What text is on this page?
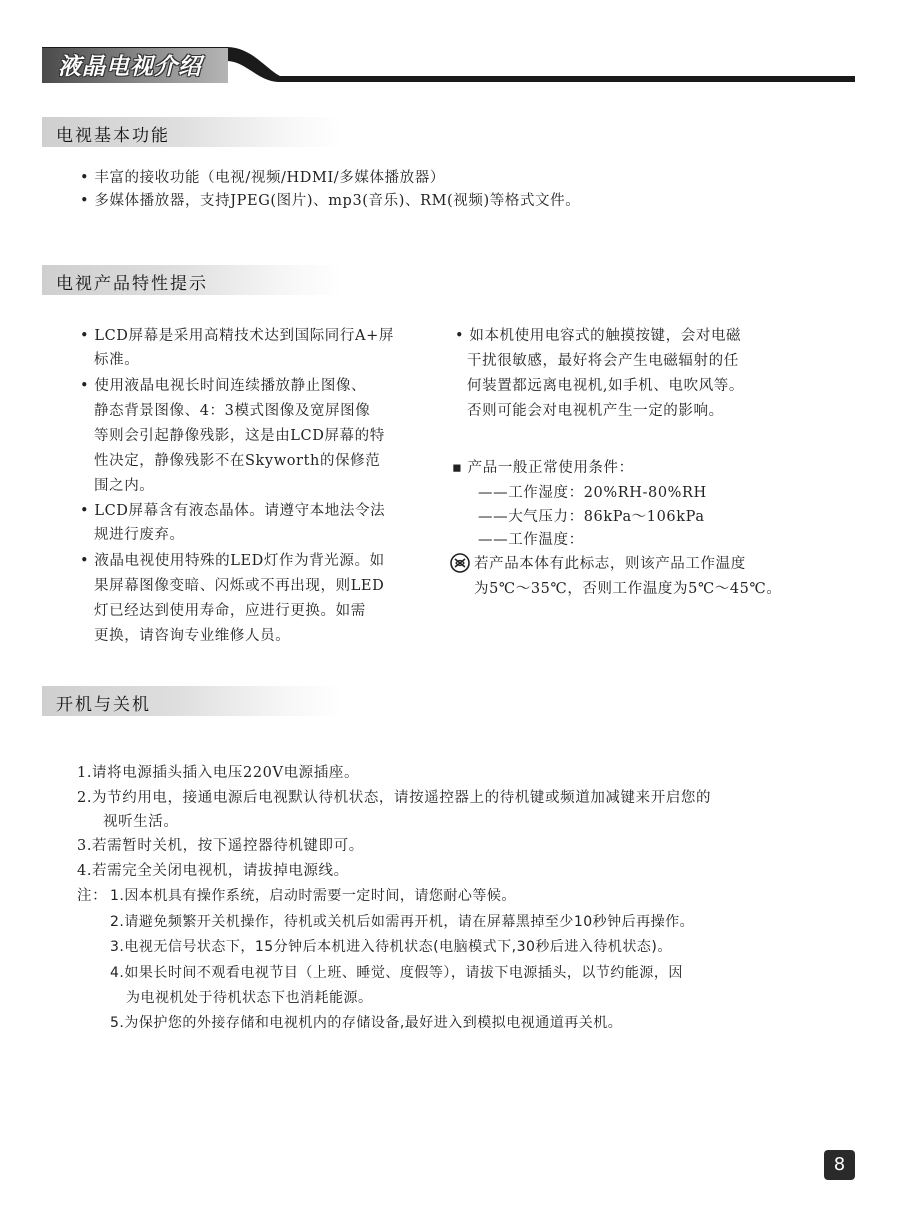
液晶电视介绍
电视基本功能
• 丰富的接收功能（电视/视频/HDMI/多媒体播放器）
• 多媒体播放器，支持JPEG(图片)、mp3(音乐)、RM(视频)等格式文件。
电视产品特性提示
• LCD屏幕是采用高精技术达到国际同行A+屏
标准。
• 使用液晶电视长时间连续播放静止图像、
静态背景图像、4：3模式图像及宽屏图像
等则会引起静像残影，这是由LCD屏幕的特
性决定，静像残影不在Skyworth的保修范
围之内。
• LCD屏幕含有液态晶体。请遵守本地法令法
规进行废弃。
• 液晶电视使用特殊的LED灯作为背光源。如
果屏幕图像变暗、闪烁或不再出现，则LED
灯已经达到使用寿命，应进行更换。如需
更换，请咨询专业维修人员。
• 如本机使用电容式的触摸按键，会对电磁
干扰很敏感，最好将会产生电磁辐射的任
何装置都远离电视机,如手机、电吹风等。
否则可能会对电视机产生一定的影响。
▪ 产品一般正常使用条件：
——工作湿度：20%RH-80%RH
——大气压力：86kPa～106kPa
——工作温度：
若产品本体有此标志，则该产品工作温度
为5℃～35℃，否则工作温度为5℃～45℃。
开机与关机
1.请将电源插头插入电压220V电源插座。
2.为节约用电，接通电源后电视默认待机状态，请按遥控器上的待机键或频道加减键来开启您的
视听生活。
3.若需暂时关机，按下遥控器待机键即可。
4.若需完全关闭电视机，请拔掉电源线。
注： 1.因本机具有操作系统，启动时需要一定时间，请您耐心等候。
2.请避免频繁开关机操作，待机或关机后如需再开机，请在屏幕黑掉至少10秒钟后再操作。
3.电视无信号状态下，15分钟后本机进入待机状态(电脑模式下,30秒后进入待机状态)。
4.如果长时间不观看电视节目（上班、睡觉、度假等），请拔下电源插头，以节约能源，因
为电视机处于待机状态下也消耗能源。
5.为保护您的外接存储和电视机内的存储设备,最好进入到模拟电视通道再关机。
8
